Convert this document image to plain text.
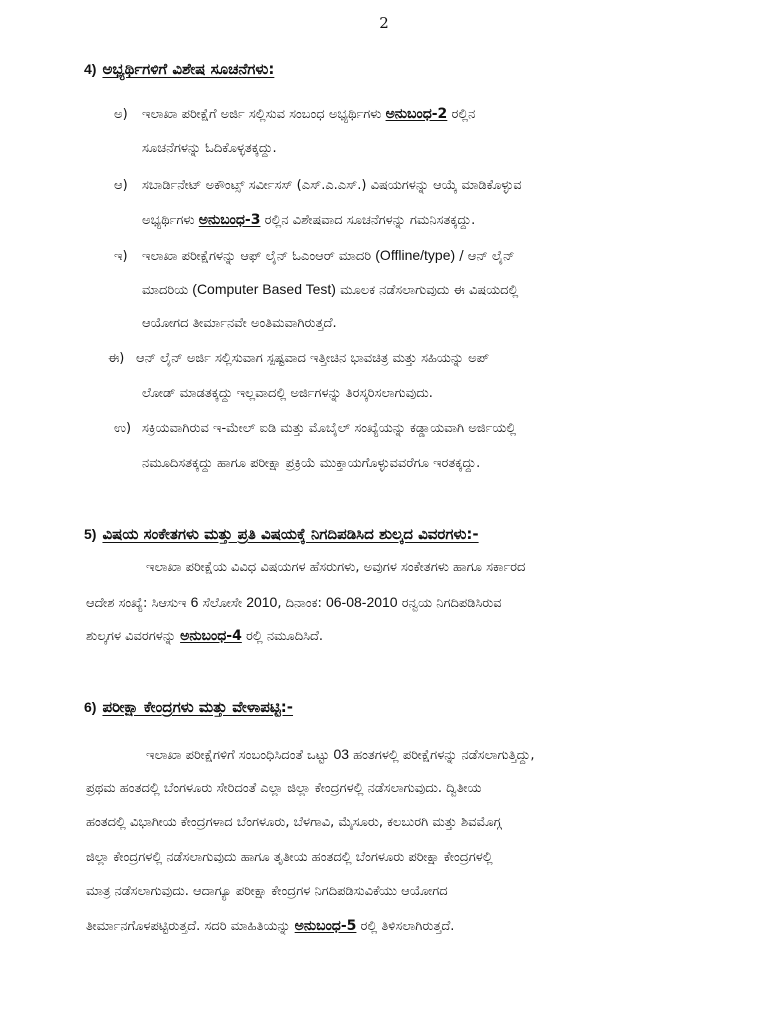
2
4) ಅಭ್ಯರ್ಥಿಗಳಿಗೆ ವಿಶೇಷ ಸೂಚನೆಗಳು:
ಅ) ಇಲಾಖಾ ಪರೀಕ್ಷೆಗೆ ಅರ್ಜಿ ಸಲ್ಲಿಸುವ ಸಂಬಂಧ ಅಭ್ಯರ್ಥಿಗಳು ಅನುಬಂಧ-2 ರಲ್ಲಿನ
ಸೂಚನೆಗಳನ್ನು ಓದಿಕೊಳ್ಳತಕ್ಕದ್ದು.
ಆ) ಸಬಾರ್ಡಿನೇಟ್ ಅಕೌಂಟ್ಸ್ ಸರ್ವೀಸಸ್ (ಎಸ್.ಎ.ಎಸ್.) ವಿಷಯಗಳನ್ನು ಆಯ್ಕೆ ಮಾಡಿಕೊಳ್ಳುವ
ಅಭ್ಯರ್ಥಿಗಳು ಅನುಬಂಧ-3 ರಲ್ಲಿನ ವಿಶೇಷವಾದ ಸೂಚನೆಗಳನ್ನು ಗಮನಿಸತಕ್ಕದ್ದು.
ಇ) ಇಲಾಖಾ ಪರೀಕ್ಷೆಗಳನ್ನು ಆಫ್ ಲೈನ್ ಓಎಂಆರ್ ಮಾದರಿ (Offline/type) / ಆನ್ ಲೈನ್
ಮಾದರಿಯ (Computer Based Test) ಮೂಲಕ ನಡೆಸಲಾಗುವುದು ಈ ವಿಷಯದಲ್ಲಿ
ಆಯೋಗದ ತೀರ್ಮಾನವೇ ಅಂತಿಮವಾಗಿರುತ್ತದೆ.
ಈ) ಆನ್ ಲೈನ್ ಅರ್ಜಿ ಸಲ್ಲಿಸುವಾಗ ಸ್ಪಷ್ಟವಾದ ಇತ್ತೀಚಿನ ಭಾವಚಿತ್ರ ಮತ್ತು ಸಹಿಯನ್ನು ಅಪ್
ಲೋಡ್ ಮಾಡತಕ್ಕದ್ದು ಇಲ್ಲವಾದಲ್ಲಿ ಅರ್ಜಿಗಳನ್ನು ತಿರಸ್ಕರಿಸಲಾಗುವುದು.
ಉ) ಸಕ್ರಿಯವಾಗಿರುವ ಇ-ಮೇಲ್ ಐಡಿ ಮತ್ತು ಮೊಬೈಲ್ ಸಂಖ್ಯೆಯನ್ನು ಕಡ್ಡಾಯವಾಗಿ ಅರ್ಜಿಯಲ್ಲಿ
ನಮೂದಿಸತಕ್ಕದ್ದು ಹಾಗೂ ಪರೀಕ್ಷಾ ಪ್ರಕ್ರಿಯೆ ಮುಕ್ತಾಯಗೊಳ್ಳುವವರೆಗೂ ಇರತಕ್ಕದ್ದು.
5) ವಿಷಯ ಸಂಕೇತಗಳು ಮತ್ತು ಪ್ರತಿ ವಿಷಯಕ್ಕೆ ನಿಗದಿಪಡಿಸಿದ ಶುಲ್ಕದ ವಿವರಗಳು:-
ಇಲಾಖಾ ಪರೀಕ್ಷೆಯ ವಿವಿಧ ವಿಷಯಗಳ ಹೆಸರುಗಳು, ಅವುಗಳ ಸಂಕೇತಗಳು ಹಾಗೂ ಸರ್ಕಾರದ
ಆದೇಶ ಸಂಖ್ಯೆ: ಸಿಆಸುಇ 6 ಸೆಲೋಸೇ 2010, ದಿನಾಂಕ: 06-08-2010 ರನ್ವಯ ನಿಗದಿಪಡಿಸಿರುವ
ಶುಲ್ಕಗಳ ವಿವರಗಳನ್ನು ಅನುಬಂಧ-4 ರಲ್ಲಿ ನಮೂದಿಸಿದೆ.
6) ಪರೀಕ್ಷಾ ಕೇಂದ್ರಗಳು ಮತ್ತು ವೇಳಾಪಟ್ಟಿ:-
ಇಲಾಖಾ ಪರೀಕ್ಷೆಗಳಿಗೆ ಸಂಬಂಧಿಸಿದಂತೆ ಒಟ್ಟು 03 ಹಂತಗಳಲ್ಲಿ ಪರೀಕ್ಷೆಗಳನ್ನು ನಡೆಸಲಾಗುತ್ತಿದ್ದು,
ಪ್ರಥಮ ಹಂತದಲ್ಲಿ ಬೆಂಗಳೂರು ಸೇರಿದಂತೆ ಎಲ್ಲಾ ಜಿಲ್ಲಾ ಕೇಂದ್ರಗಳಲ್ಲಿ ನಡೆಸಲಾಗುವುದು. ದ್ವಿತೀಯ
ಹಂತದಲ್ಲಿ ವಿಭಾಗೀಯ ಕೇಂದ್ರಗಳಾದ ಬೆಂಗಳೂರು, ಬೆಳಗಾವಿ, ಮೈಸೂರು, ಕಲಬುರಗಿ ಮತ್ತು ಶಿವಮೊಗ್ಗ
ಜಿಲ್ಲಾ ಕೇಂದ್ರಗಳಲ್ಲಿ ನಡೆಸಲಾಗುವುದು ಹಾಗೂ ತೃತೀಯ ಹಂತದಲ್ಲಿ ಬೆಂಗಳೂರು ಪರೀಕ್ಷಾ ಕೇಂದ್ರಗಳಲ್ಲಿ
ಮಾತ್ರ ನಡೆಸಲಾಗುವುದು. ಆದಾಗ್ಯೂ ಪರೀಕ್ಷಾ ಕೇಂದ್ರಗಳ ನಿಗದಿಪಡಿಸುವಿಕೆಯು ಆಯೋಗದ
ತೀರ್ಮಾನಗೊಳಪಟ್ಟಿರುತ್ತದೆ. ಸದರಿ ಮಾಹಿತಿಯನ್ನು ಅನುಬಂಧ-5 ರಲ್ಲಿ ತಿಳಿಸಲಾಗಿರುತ್ತದೆ.
